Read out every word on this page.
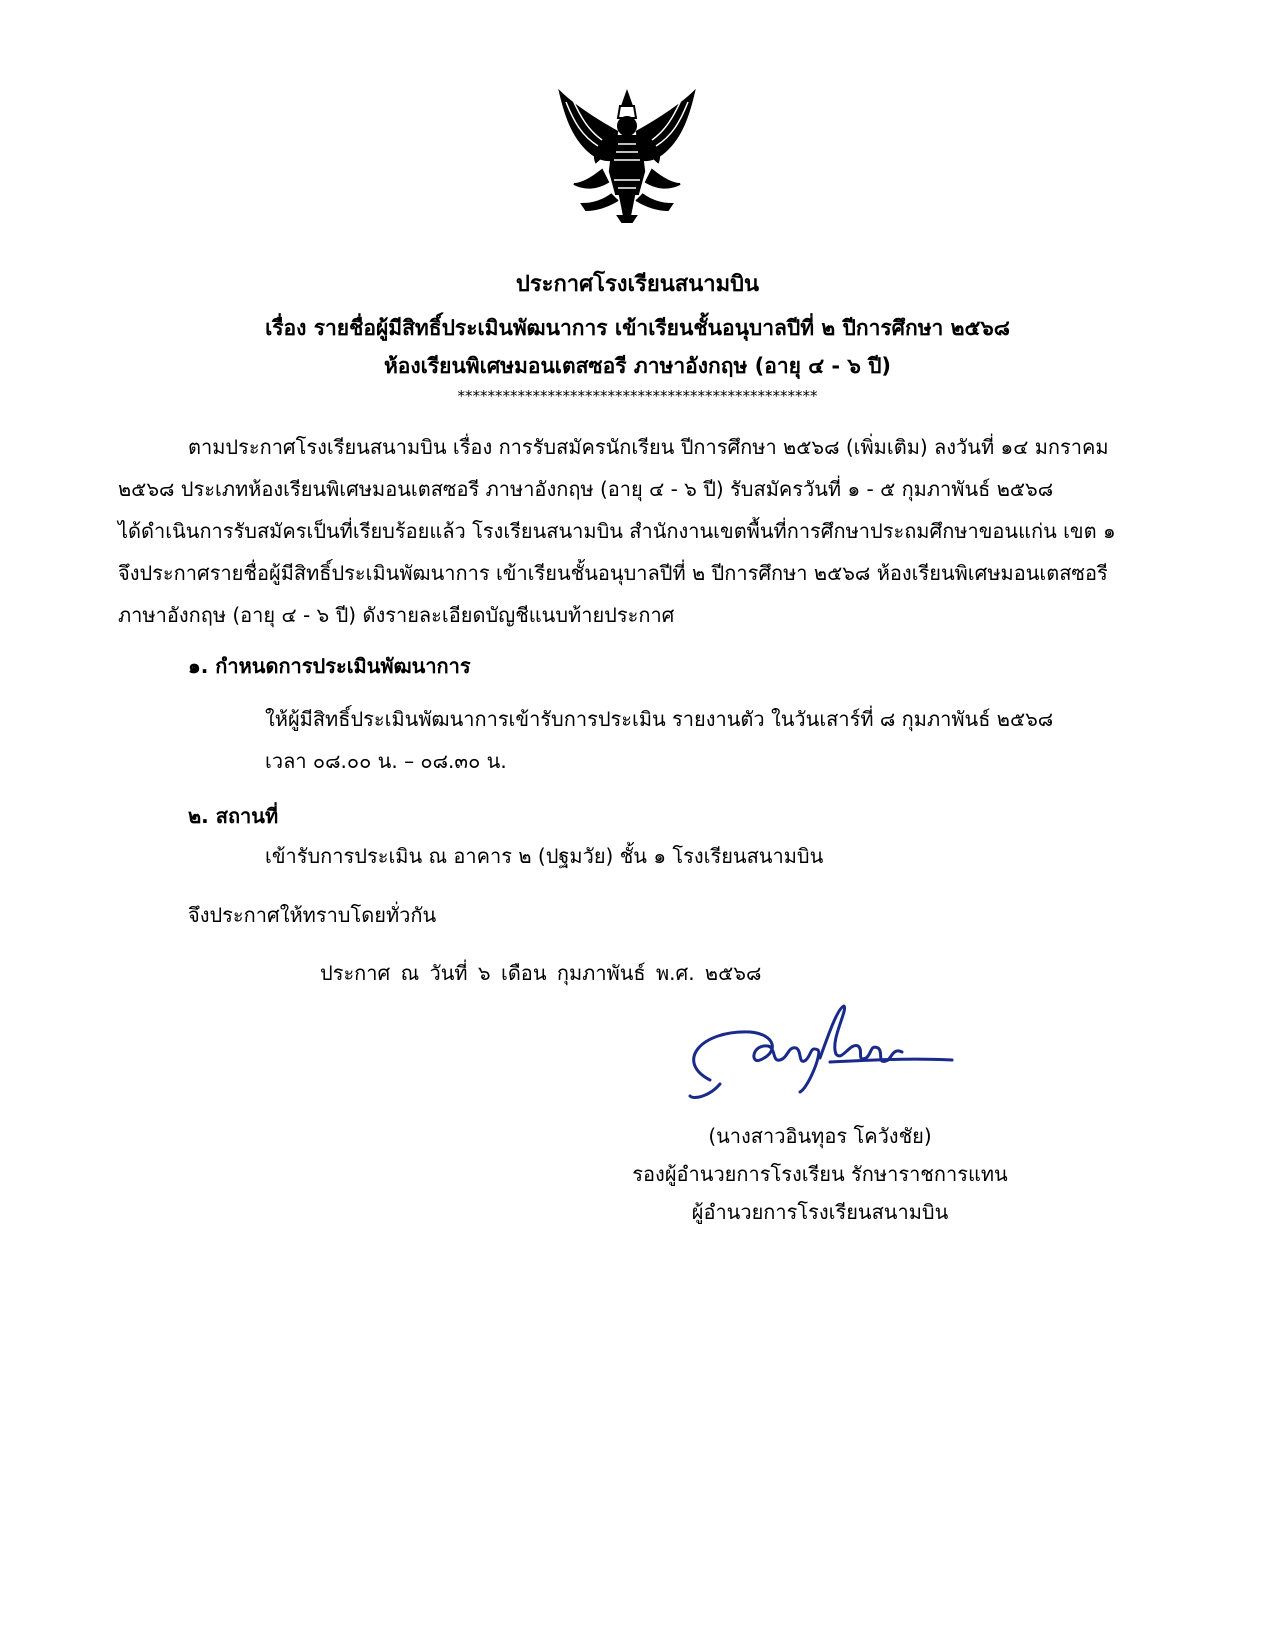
ประกาศโรงเรียนสนามบิน
เรื่อง รายชื่อผู้มีสิทธิ์ประเมินพัฒนาการ เข้าเรียนชั้นอนุบาลปีที่ ๒ ปีการศึกษา ๒๕๖๘
ห้องเรียนพิเศษมอนเตสซอรี ภาษาอังกฤษ (อายุ ๔ - ๖ ปี)
************************************************
ตามประกาศโรงเรียนสนามบิน เรื่อง การรับสมัครนักเรียน ปีการศึกษา ๒๕๖๘ (เพิ่มเติม) ลงวันที่ ๑๔ มกราคม
๒๕๖๘ ประเภทห้องเรียนพิเศษมอนเตสซอรี ภาษาอังกฤษ (อายุ ๔ - ๖ ปี) รับสมัครวันที่ ๑ - ๕ กุมภาพันธ์ ๒๕๖๘
ได้ดำเนินการรับสมัครเป็นที่เรียบร้อยแล้ว โรงเรียนสนามบิน สำนักงานเขตพื้นที่การศึกษาประถมศึกษาขอนแก่น เขต ๑
จึงประกาศรายชื่อผู้มีสิทธิ์ประเมินพัฒนาการ เข้าเรียนชั้นอนุบาลปีที่ ๒ ปีการศึกษา ๒๕๖๘ ห้องเรียนพิเศษมอนเตสซอรี
ภาษาอังกฤษ (อายุ ๔ - ๖ ปี) ดังรายละเอียดบัญชีแนบท้ายประกาศ
๑. กำหนดการประเมินพัฒนาการ
ให้ผู้มีสิทธิ์ประเมินพัฒนาการเข้ารับการประเมิน รายงานตัว ในวันเสาร์ที่ ๘ กุมภาพันธ์ ๒๕๖๘
เวลา ๐๘.๐๐ น. – ๐๘.๓๐ น.
๒. สถานที่
เข้ารับการประเมิน ณ อาคาร ๒ (ปฐมวัย) ชั้น ๑ โรงเรียนสนามบิน
จึงประกาศให้ทราบโดยทั่วกัน
ประกาศ ณ วันที่ ๖ เดือน กุมภาพันธ์ พ.ศ. ๒๕๖๘
(นางสาวอินทุอร โควังชัย)
รองผู้อำนวยการโรงเรียน รักษาราชการแทน
ผู้อำนวยการโรงเรียนสนามบิน
